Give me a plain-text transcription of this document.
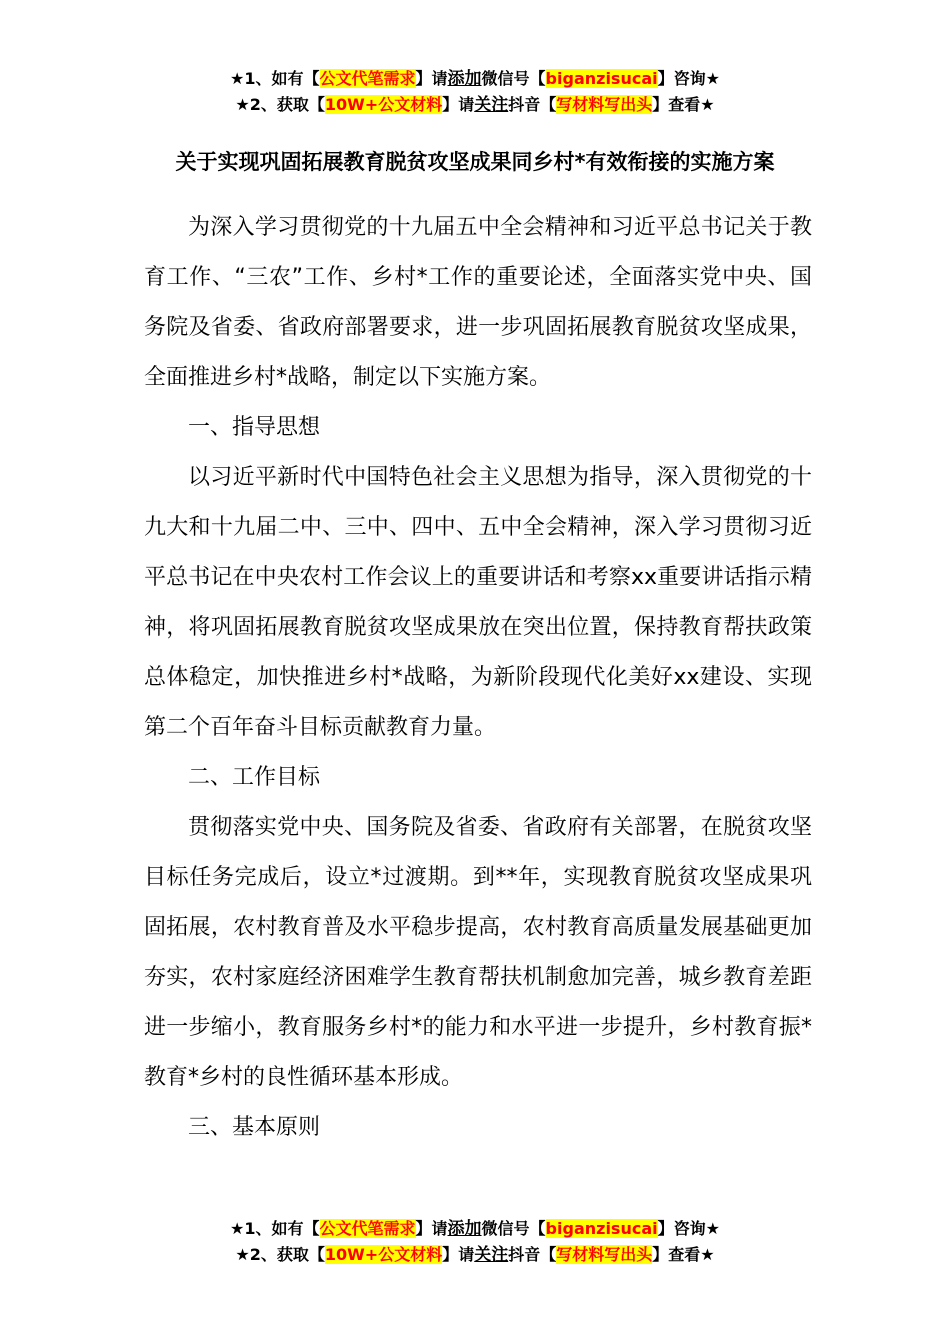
★1、如有【公文代笔需求】请添加微信号【biganzisucai】咨询★
★2、获取【10W+公文材料】请关注抖音【写材料写出头】查看★
关于实现巩固拓展教育脱贫攻坚成果同乡村*有效衔接的实施方案

为深入学习贯彻党的十九届五中全会精神和习近平总书记关于教育工作、“三农”工作、乡村*工作的重要论述，全面落实党中央、国务院及省委、省政府部署要求，进一步巩固拓展教育脱贫攻坚成果，全面推进乡村*战略，制定以下实施方案。

一、指导思想

以习近平新时代中国特色社会主义思想为指导，深入贯彻党的十九大和十九届二中、三中、四中、五中全会精神，深入学习贯彻习近平总书记在中央农村工作会议上的重要讲话和考察xx重要讲话指示精神，将巩固拓展教育脱贫攻坚成果放在突出位置，保持教育帮扶政策总体稳定，加快推进乡村*战略，为新阶段现代化美好xx建设、实现第二个百年奋斗目标贡献教育力量。

二、工作目标

贯彻落实党中央、国务院及省委、省政府有关部署，在脱贫攻坚目标任务完成后，设立*过渡期。到**年，实现教育脱贫攻坚成果巩固拓展，农村教育普及水平稳步提高，农村教育高质量发展基础更加夯实，农村家庭经济困难学生教育帮扶机制愈加完善，城乡教育差距进一步缩小，教育服务乡村*的能力和水平进一步提升，乡村教育振*教育*乡村的良性循环基本形成。

三、基本原则

★1、如有【公文代笔需求】请添加微信号【biganzisucai】咨询★
★2、获取【10W+公文材料】请关注抖音【写材料写出头】查看★
